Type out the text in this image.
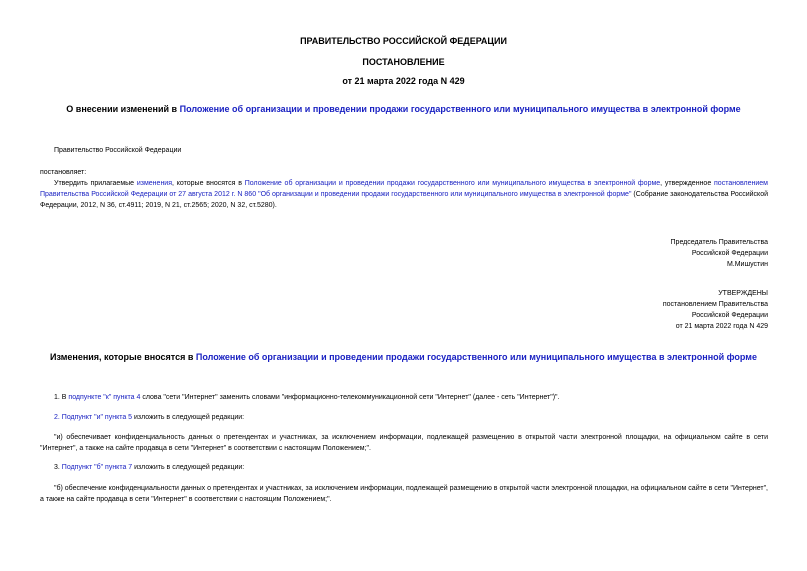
ПРАВИТЕЛЬСТВО РОССИЙСКОЙ ФЕДЕРАЦИИ
ПОСТАНОВЛЕНИЕ
от 21 марта 2022 года N 429
О внесении изменений в Положение об организации и проведении продажи государственного или муниципального имущества в электронной форме
Правительство Российской Федерации
постановляет:
Утвердить прилагаемые изменения, которые вносятся в Положение об организации и проведении продажи государственного или муниципального имущества в электронной форме, утвержденное постановлением Правительства Российской Федерации от 27 августа 2012 г. N 860 "Об организации и проведении продажи государственного или муниципального имущества в электронной форме" (Собрание законодательства Российской Федерации, 2012, N 36, ст.4911; 2019, N 21, ст.2565; 2020, N 32, ст.5280).
Председатель Правительства
Российской Федерации
М.Мишустин
УТВЕРЖДЕНЫ
постановлением Правительства
Российской Федерации
от 21 марта 2022 года N 429
Изменения, которые вносятся в Положение об организации и проведении продажи государственного или муниципального имущества в электронной форме
1. В подпункте "к" пункта 4 слова "сети "Интернет" заменить словами "информационно-телекоммуникационной сети "Интернет" (далее - сеть "Интернет")".
2. Подпункт "и" пункта 5 изложить в следующей редакции:
"и) обеспечивает конфиденциальность данных о претендентах и участниках, за исключением информации, подлежащей размещению в открытой части электронной площадки, на официальном сайте в сети "Интернет", а также на сайте продавца в сети "Интернет" в соответствии с настоящим Положением;".
3. Подпункт "б" пункта 7 изложить в следующей редакции:
"б) обеспечение конфиденциальности данных о претендентах и участниках, за исключением информации, подлежащей размещению в открытой части электронной площадки, на официальном сайте в сети "Интернет", а также на сайте продавца в сети "Интернет" в соответствии с настоящим Положением;".
